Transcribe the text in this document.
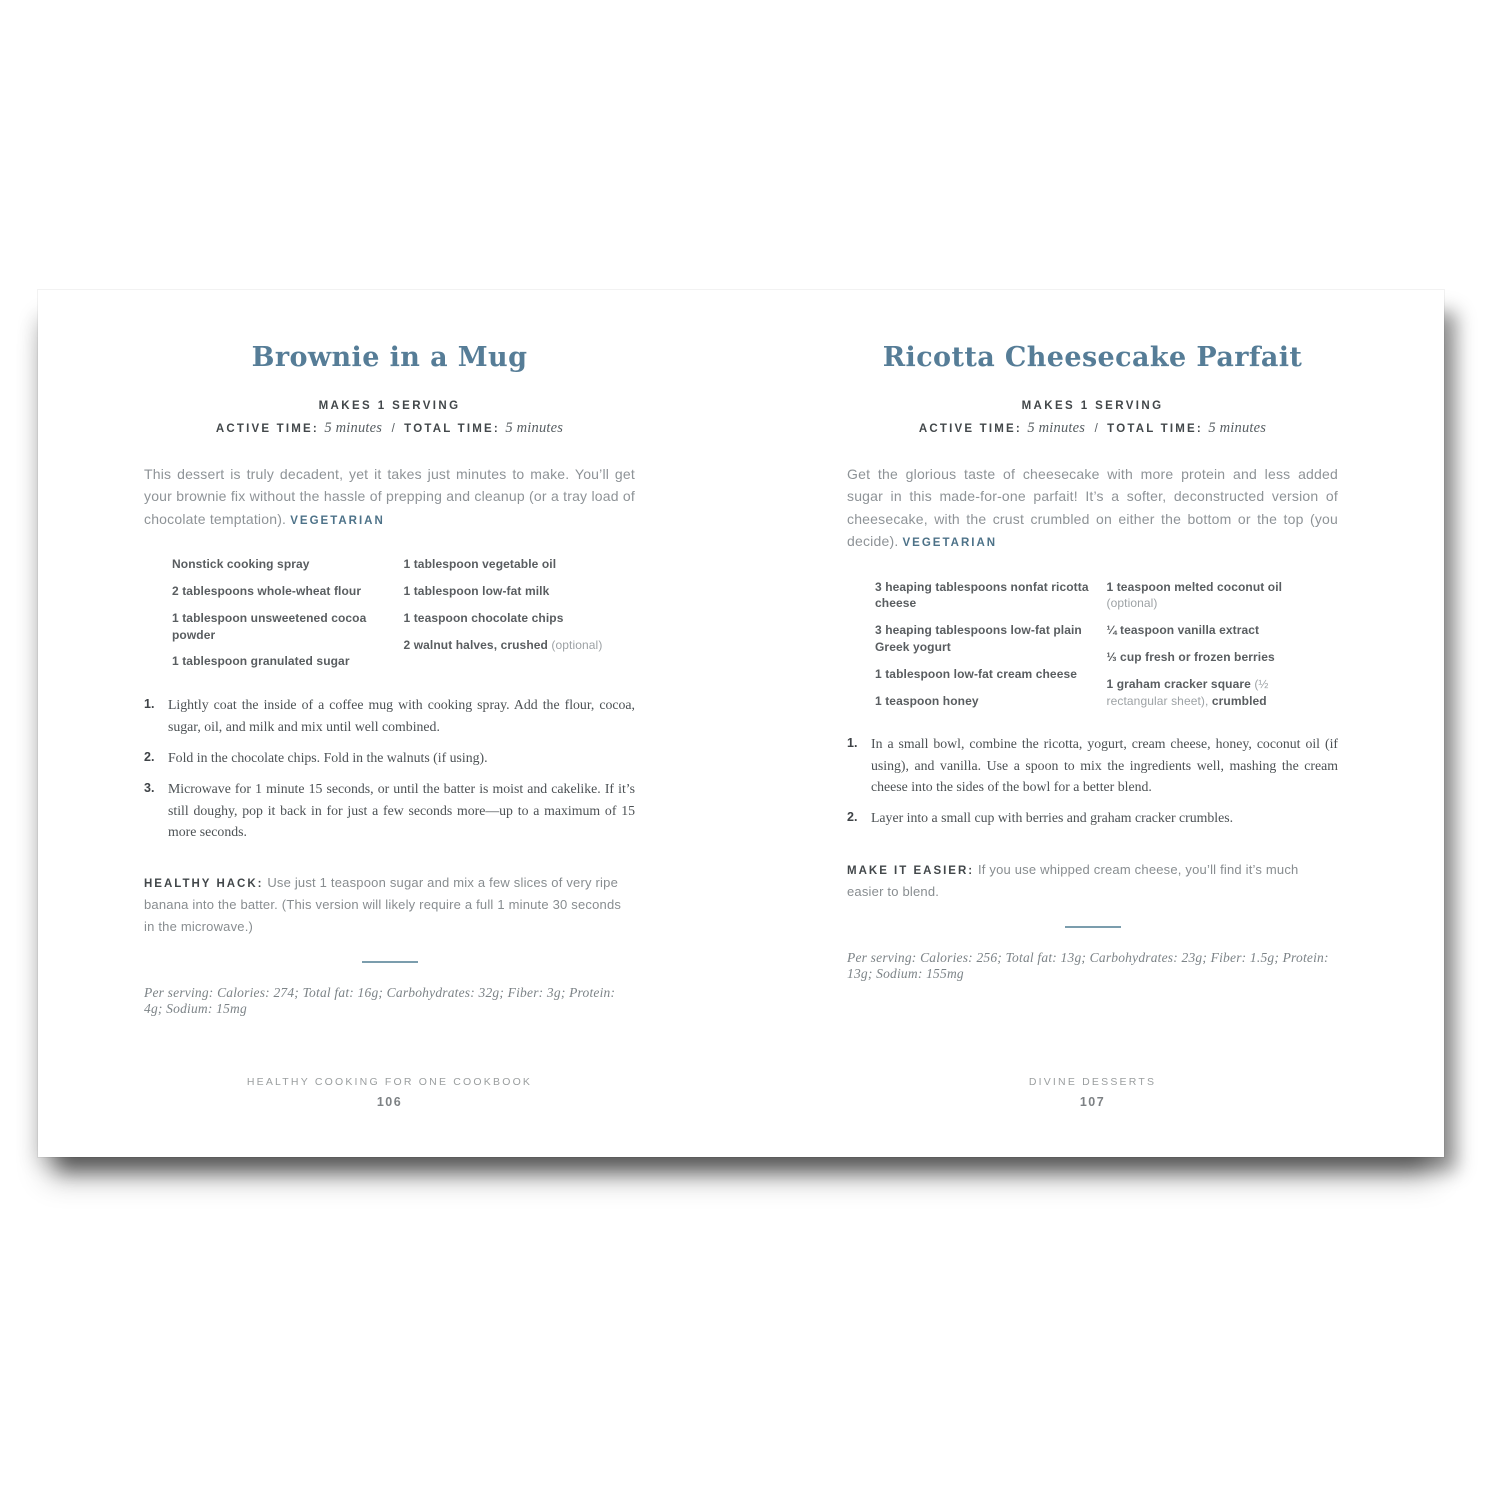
Brownie in a Mug
MAKES 1 SERVING
ACTIVE TIME: 5 minutes / TOTAL TIME: 5 minutes

This dessert is truly decadent, yet it takes just minutes to make. You’ll get your brownie fix without the hassle of prepping and cleanup (or a tray load of chocolate temptation). VEGETARIAN

Nonstick cooking spray
2 tablespoons whole-wheat flour
1 tablespoon unsweetened cocoa powder
1 tablespoon granulated sugar
1 tablespoon vegetable oil
1 tablespoon low-fat milk
1 teaspoon chocolate chips
2 walnut halves, crushed (optional)
1. Lightly coat the inside of a coffee mug with cooking spray. Add the flour, cocoa, sugar, oil, and milk and mix until well combined.
2. Fold in the chocolate chips. Fold in the walnuts (if using).
3. Microwave for 1 minute 15 seconds, or until the batter is moist and cakelike. If it’s still doughy, pop it back in for just a few seconds more—up to a maximum of 15 more seconds.

HEALTHY HACK: Use just 1 teaspoon sugar and mix a few slices of very ripe banana into the batter. (This version will likely require a full 1 minute 30 seconds in the microwave.)

Per serving: Calories: 274; Total fat: 16g; Carbohydrates: 32g; Fiber: 3g; Protein: 4g; Sodium: 15mg

HEALTHY COOKING FOR ONE COOKBOOK
106
Ricotta Cheesecake Parfait
MAKES 1 SERVING
ACTIVE TIME: 5 minutes / TOTAL TIME: 5 minutes

Get the glorious taste of cheesecake with more protein and less added sugar in this made-for-one parfait! It’s a softer, deconstructed version of cheesecake, with the crust crumbled on either the bottom or the top (you decide). VEGETARIAN

3 heaping tablespoons nonfat ricotta cheese
3 heaping tablespoons low-fat plain Greek yogurt
1 tablespoon low-fat cream cheese
1 teaspoon honey
1 teaspoon melted coconut oil (optional)
¼ teaspoon vanilla extract
⅓ cup fresh or frozen berries
1 graham cracker square (½ rectangular sheet), crumbled
1. In a small bowl, combine the ricotta, yogurt, cream cheese, honey, coconut oil (if using), and vanilla. Use a spoon to mix the ingredients well, mashing the cream cheese into the sides of the bowl for a better blend.
2. Layer into a small cup with berries and graham cracker crumbles.

MAKE IT EASIER: If you use whipped cream cheese, you’ll find it’s much easier to blend.

Per serving: Calories: 256; Total fat: 13g; Carbohydrates: 23g; Fiber: 1.5g; Protein: 13g; Sodium: 155mg

DIVINE DESSERTS
107
